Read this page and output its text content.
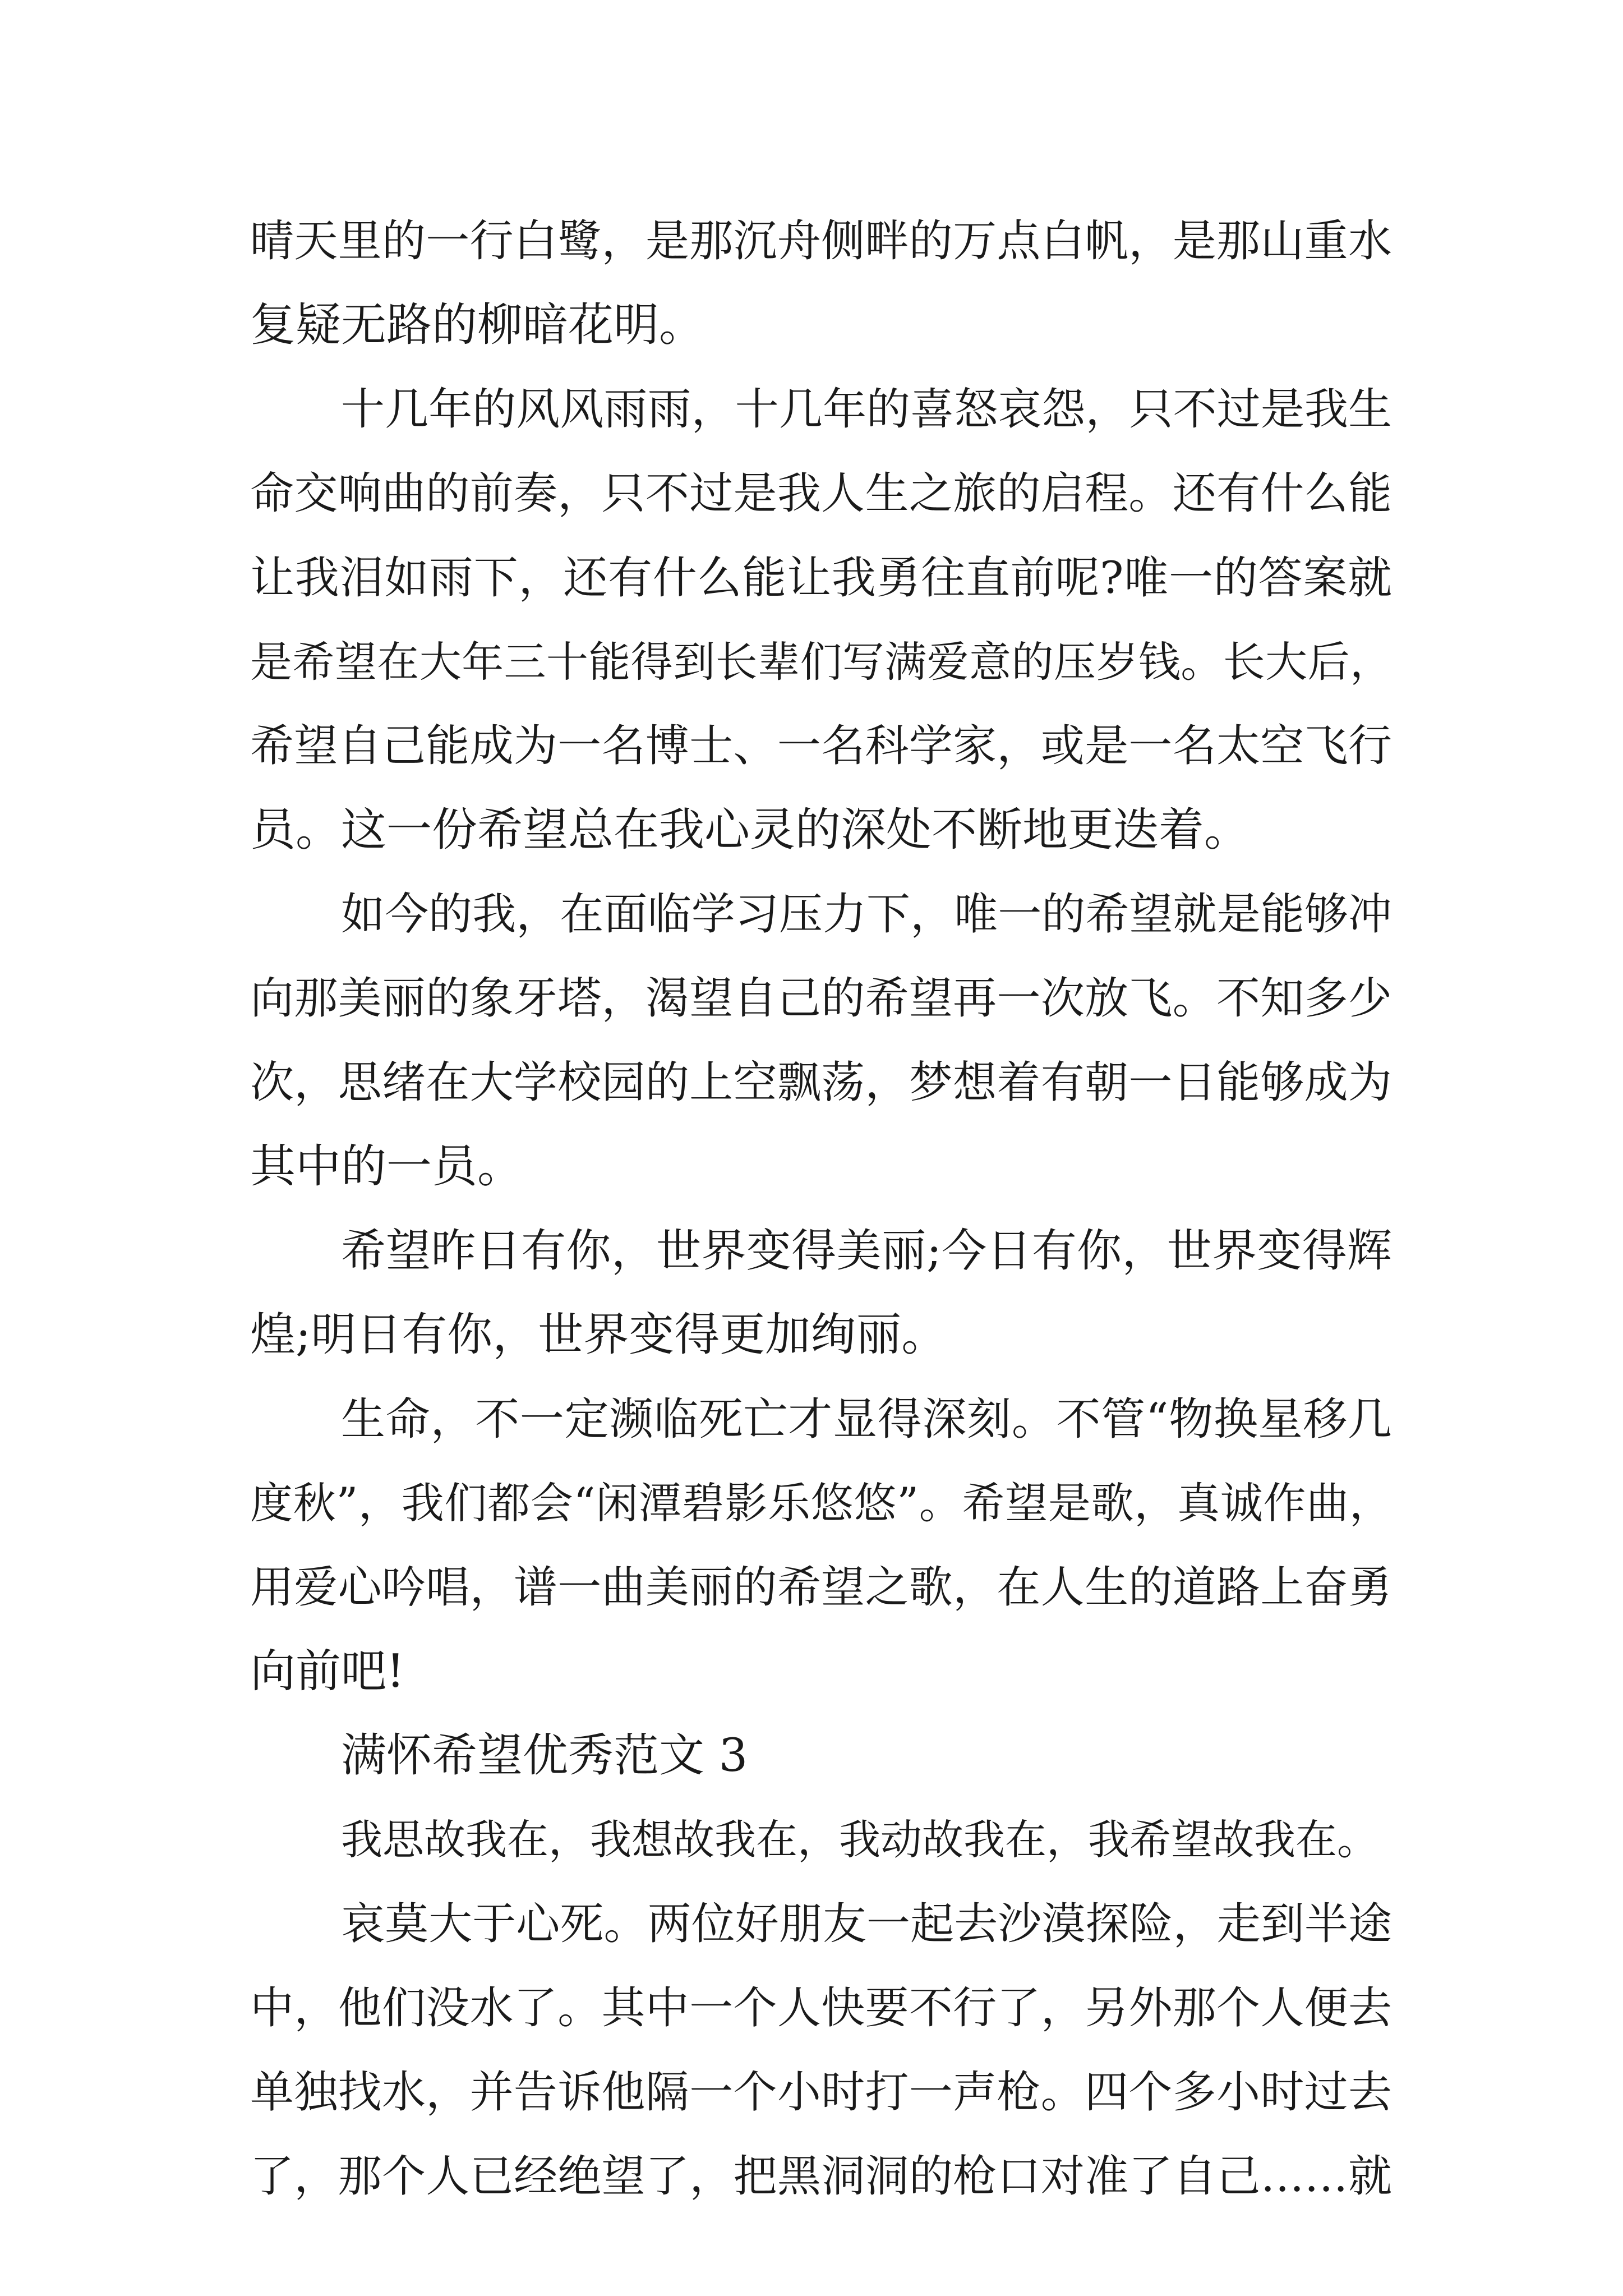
晴天里的一行白鹭，是那沉舟侧畔的万点白帆，是那山重水
复疑无路的柳暗花明。
十几年的风风雨雨，十几年的喜怒哀怨，只不过是我生
命交响曲的前奏，只不过是我人生之旅的启程。还有什么能
让我泪如雨下，还有什么能让我勇往直前呢?唯一的答案就
是希望在大年三十能得到长辈们写满爱意的压岁钱。长大后，
希望自己能成为一名博士、一名科学家，或是一名太空飞行
员。这一份希望总在我心灵的深处不断地更迭着。
如今的我，在面临学习压力下，唯一的希望就是能够冲
向那美丽的象牙塔，渴望自己的希望再一次放飞。不知多少
次，思绪在大学校园的上空飘荡，梦想着有朝一日能够成为
其中的一员。
希望昨日有你，世界变得美丽;今日有你，世界变得辉
煌;明日有你，世界变得更加绚丽。
生命，不一定濒临死亡才显得深刻。不管“物换星移几
度秋”，我们都会“闲潭碧影乐悠悠”。希望是歌，真诚作曲，
用爱心吟唱，谱一曲美丽的希望之歌，在人生的道路上奋勇
向前吧!
满怀希望优秀范文 3
我思故我在，我想故我在，我动故我在，我希望故我在。
哀莫大于心死。两位好朋友一起去沙漠探险，走到半途
中，他们没水了。其中一个人快要不行了，另外那个人便去
单独找水，并告诉他隔一个小时打一声枪。四个多小时过去
了，那个人已经绝望了，把黑洞洞的枪口对准了自己……就
